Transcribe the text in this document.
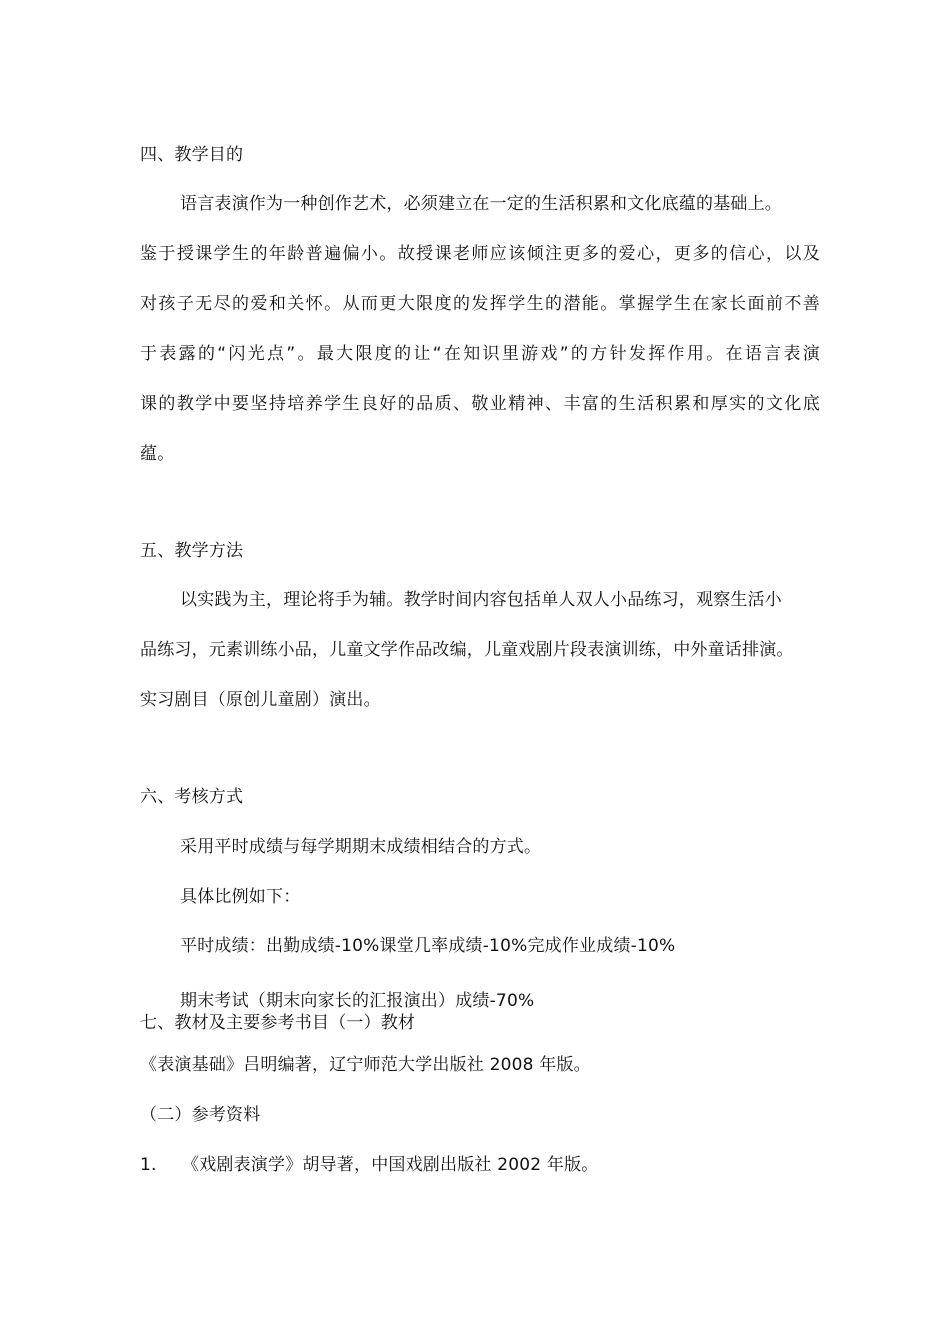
四、教学目的
语言表演作为一种创作艺术，必须建立在一定的生活积累和文化底蕴的基础上。
鉴于授课学生的年龄普遍偏小。故授课老师应该倾注更多的爱心，更多的信心，以及
对孩子无尽的爱和关怀。从而更大限度的发挥学生的潜能。掌握学生在家长面前不善
于表露的“闪光点”。最大限度的让“在知识里游戏”的方针发挥作用。在语言表演
课的教学中要坚持培养学生良好的品质、敬业精神、丰富的生活积累和厚实的文化底
蕴。
五、教学方法
以实践为主，理论将手为辅。教学时间内容包括单人双人小品练习，观察生活小
品练习，元素训练小品，儿童文学作品改编，儿童戏剧片段表演训练，中外童话排演。
实习剧目（原创儿童剧）演出。
六、考核方式
采用平时成绩与每学期期末成绩相结合的方式。
具体比例如下：
平时成绩：出勤成绩-10%课堂几率成绩-10%完成作业成绩-10%
期末考试（期末向家长的汇报演出）成绩-70%
七、教材及主要参考书目（一）教材
《表演基础》吕明编著，辽宁师范大学出版社 2008 年版。
（二）参考资料
1. 《戏剧表演学》胡导著，中国戏剧出版社 2002 年版。
